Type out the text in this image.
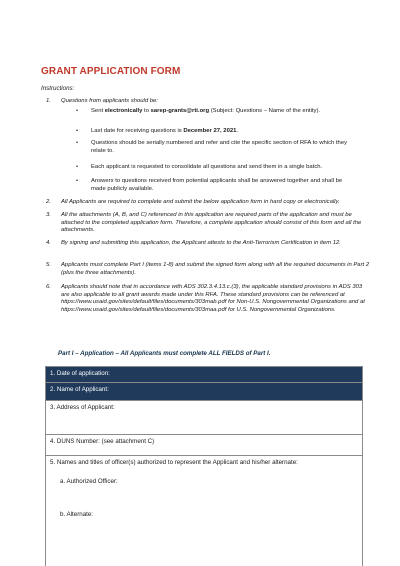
GRANT APPLICATION FORM
Instructions:
1. Questions from applicants should be:
• Sent electronically to sarep-grants@rti.org (Subject: Questions – Name of the entity).
• Last date for receiving questions is December 27, 2021.
• Questions should be serially numbered and refer and cite the specific section of RFA to which they relate to.
• Each applicant is requested to consolidate all questions and send them in a single batch.
• Answers to questions received from potential applicants shall be answered together and shall be made publicly available.
2. All Applicants are required to complete and submit the below application form in hard copy or electronically.
3. All the attachments (A, B, and C) referenced in this application are required parts of the application and must be attached to the completed application form. Therefore, a complete application should consist of this form and all the attachments.
4. By signing and submitting this application, the Applicant attests to the Anti-Terrorism Certification in item 12.
5. Applicants must complete Part I (items 1-8) and submit the signed form along with all the required documents in Part 2 (plus the three attachments).
6. Applicants should note that in accordance with ADS 302.3.4.13.c.(3), the applicable standard provisions in ADS 303 are also applicable to all grant awards made under this RFA. These standard provisions can be referenced at https://www.usaid.gov/sites/default/files/documents/303mab.pdf for Non-U.S. Nongovernmental Organizations and at https://www.usaid.gov/sites/default/files/documents/303maa.pdf for U.S. Nongovernmental Organizations.
Part I – Application – All Applicants must complete ALL FIELDS of Part I.
1. Date of application:
2. Name of Applicant:
3. Address of Applicant:
4. DUNS Number: (see attachment C)
5. Names and titles of officer(s) authorized to represent the Applicant and his/her alternate:
a. Authorized Officer:
b. Alternate:
